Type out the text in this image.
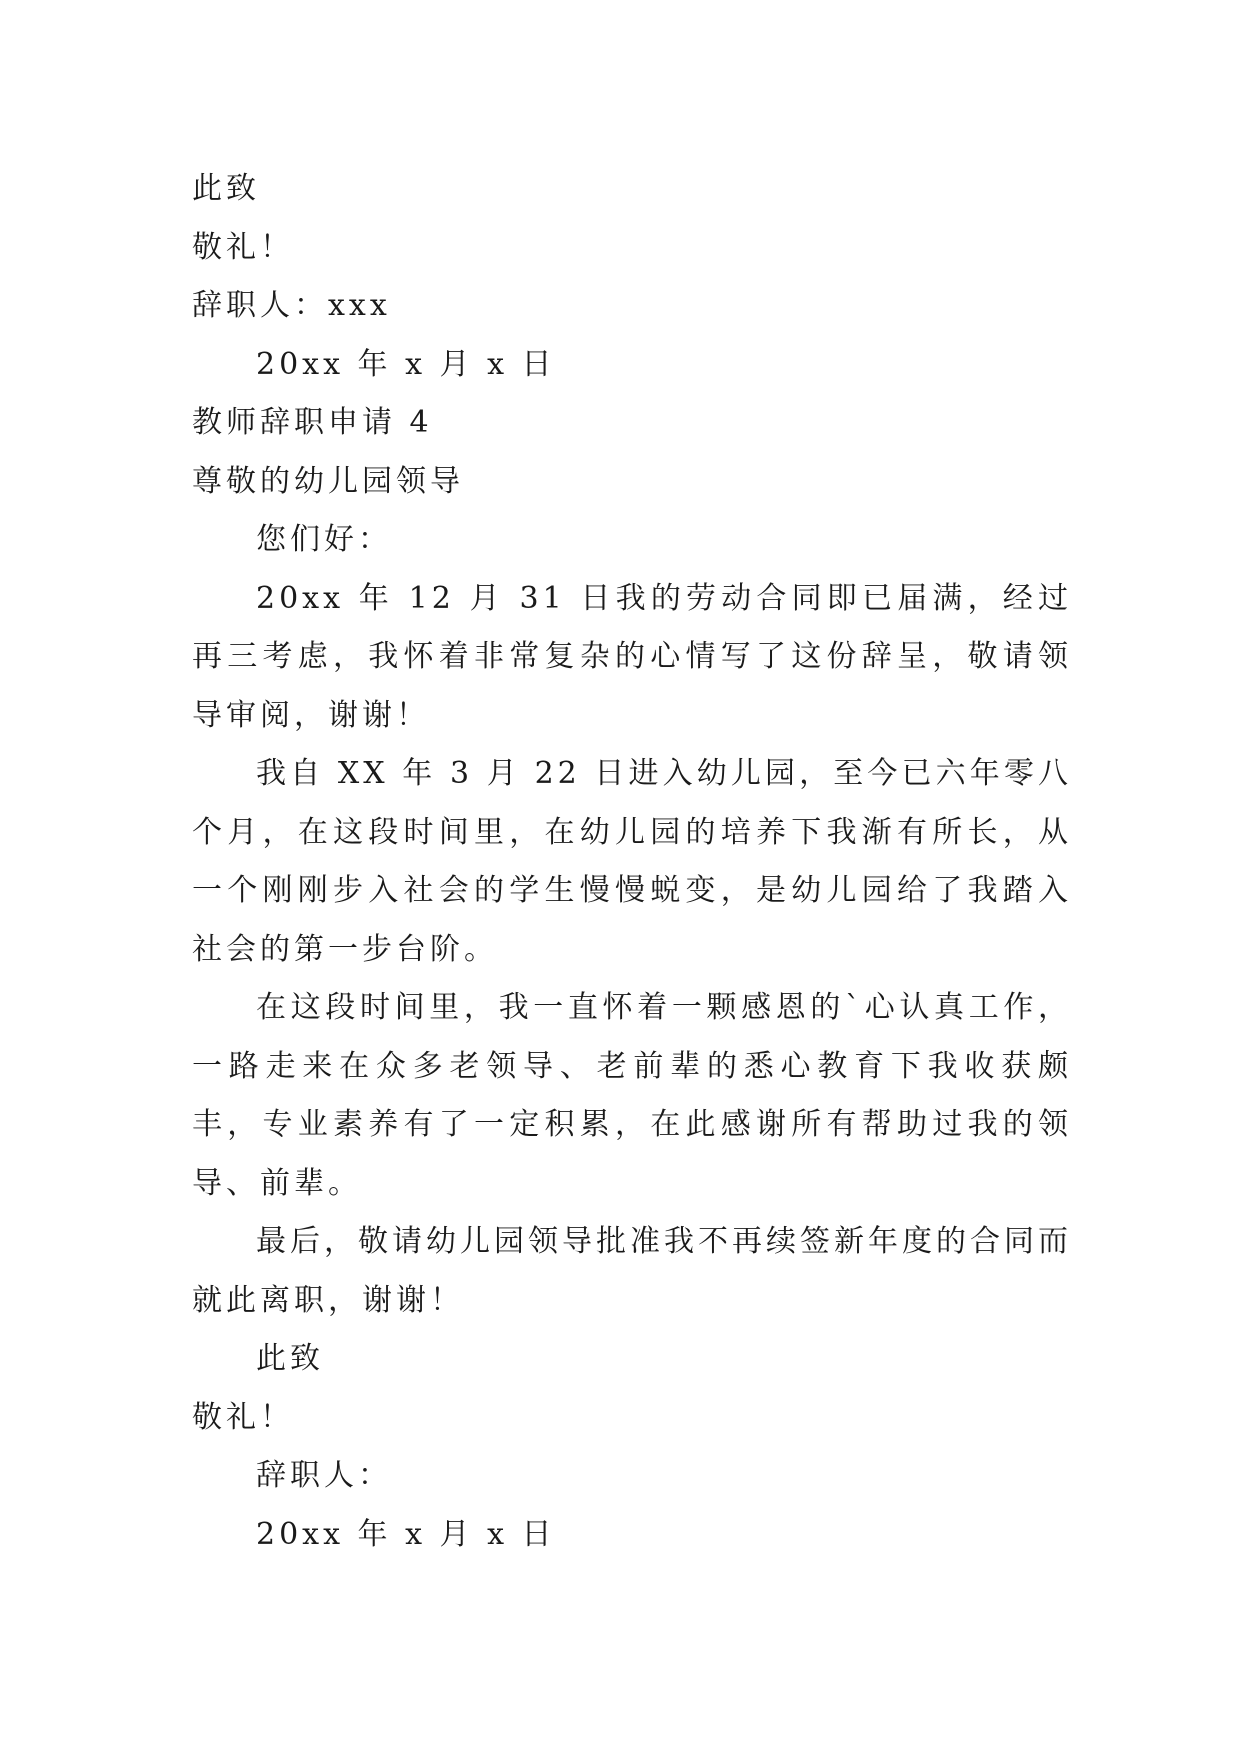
此致

敬礼！

辞职人：xxx

20xx 年 x 月 x 日

教师辞职申请 4

尊敬的幼儿园领导

您们好：

20xx 年 12 月 31 日我的劳动合同即已届满，经过再三考虑，我怀着非常复杂的心情写了这份辞呈，敬请领导审阅，谢谢！

我自 XX 年 3 月 22 日进入幼儿园，至今已六年零八个月，在这段时间里，在幼儿园的培养下我渐有所长，从一个刚刚步入社会的学生慢慢蜕变，是幼儿园给了我踏入社会的第一步台阶。

在这段时间里，我一直怀着一颗感恩的`心认真工作，一路走来在众多老领导、老前辈的悉心教育下我收获颇丰，专业素养有了一定积累，在此感谢所有帮助过我的领导、前辈。

最后，敬请幼儿园领导批准我不再续签新年度的合同而就此离职，谢谢！

此致

敬礼！

辞职人：

20xx 年 x 月 x 日
